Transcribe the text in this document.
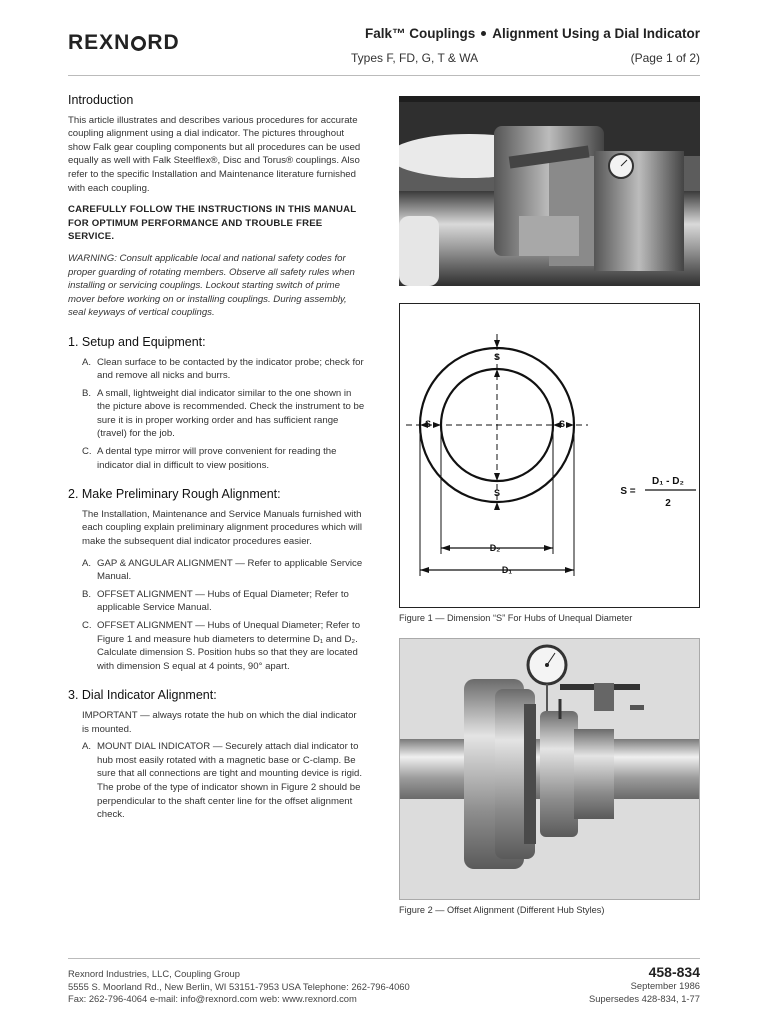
REXN RD	Falk™ Couplings Alignment Using a Dial Indicator
Types F, FD, G, T & WA	(Page 1 of 2)
Introduction

This article illustrates and describes various procedures for accurate coupling alignment using a dial indicator. The pictures throughout show Falk gear coupling components but all procedures can be used equally as well with Falk Steelflex®, Disc and Torus® couplings. Also refer to the specific Installation and Maintenance literature furnished with each coupling.

CAREFULLY FOLLOW THE INSTRUCTIONS IN THIS MANUAL FOR OPTIMUM PERFORMANCE AND TROUBLE FREE SERVICE.

WARNING: Consult applicable local and national safety codes for proper guarding of rotating members. Observe all safety rules when installing or servicing couplings. Lockout starting switch of prime mover before working on or installing couplings. During assembly, seal keyways of vertical couplings.

1. Setup and Equipment:
A. Clean surface to be contacted by the indicator probe; check for and remove all nicks and burrs.
B. A small, lightweight dial indicator similar to the one shown in the picture above is recommended. Check the instrument to be sure it is in proper working order and has sufficient range (travel) for the job.
C. A dental type mirror will prove convenient for reading the indicator dial in difficult to view positions.
2. Make Preliminary Rough Alignment:

The Installation, Maintenance and Service Manuals furnished with each coupling explain preliminary alignment procedures which will make the subsequent dial indicator procedures easier.

A. GAP & ANGULAR ALIGNMENT — Refer to applicable Service Manual.
B. OFFSET ALIGNMENT — Hubs of Equal Diameter; Refer to applicable Service Manual.
C. OFFSET ALIGNMENT — Hubs of Unequal Diameter; Refer to Figure 1 and measure hub diameters to determine D₁ and D₂. Calculate dimension S. Position hubs so that they are located with dimension S equal at 4 points, 90° apart.
3. Dial Indicator Alignment:

IMPORTANT — always rotate the hub on which the dial indicator is mounted.

A. MOUNT DIAL INDICATOR — Securely attach dial indicator to hub most easily rotated with a magnetic base or C-clamp. Be sure that all connections are tight and mounting device is rigid. The probe of the type of indicator shown in Figure 2 should be perpendicular to the shaft center line for the offset alignment check.
S
S
S	S
D₂
D₁
S =
D₁ - D₂
2
Figure 1 — Dimension “S” For Hubs of Unequal Diameter
Figure 2 — Offset Alignment (Different Hub Styles)
Rexnord Industries, LLC, Coupling Group
5555 S. Moorland Rd., New Berlin, WI 53151-7953 USA Telephone: 262-796-4060
Fax: 262-796-4064 e-mail: info@rexnord.com web: www.rexnord.com
458-834
September 1986
Supersedes 428-834, 1-77
